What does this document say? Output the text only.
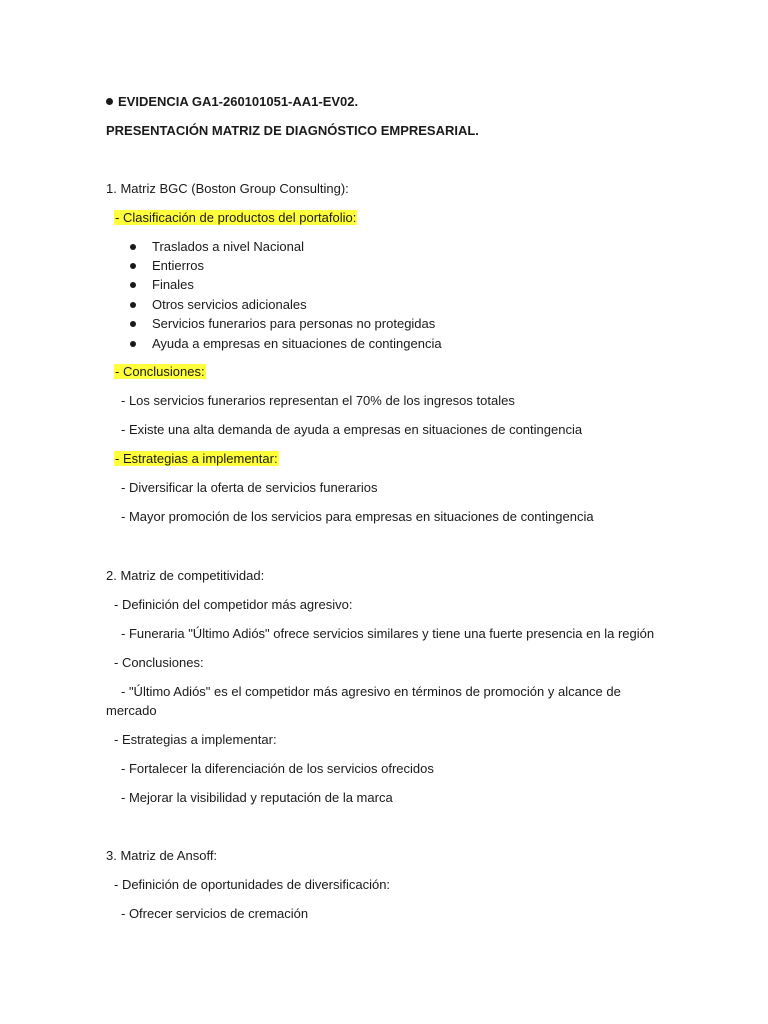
EVIDENCIA GA1-260101051-AA1-EV02.
PRESENTACIÓN MATRIZ DE DIAGNÓSTICO EMPRESARIAL.
1. Matriz BGC (Boston Group Consulting):
- Clasificación de productos del portafolio:
Traslados a nivel Nacional
Entierros
Finales
Otros servicios adicionales
Servicios funerarios para personas no protegidas
Ayuda a empresas en situaciones de contingencia
- Conclusiones:
- Los servicios funerarios representan el 70% de los ingresos totales
- Existe una alta demanda de ayuda a empresas en situaciones de contingencia
- Estrategias a implementar:
- Diversificar la oferta de servicios funerarios
- Mayor promoción de los servicios para empresas en situaciones de contingencia
2. Matriz de competitividad:
- Definición del competidor más agresivo:
- Funeraria "Último Adiós" ofrece servicios similares y tiene una fuerte presencia en la región
- Conclusiones:
- "Último Adiós" es el competidor más agresivo en términos de promoción y alcance de
mercado
- Estrategias a implementar:
- Fortalecer la diferenciación de los servicios ofrecidos
- Mejorar la visibilidad y reputación de la marca
3. Matriz de Ansoff:
- Definición de oportunidades de diversificación:
- Ofrecer servicios de cremación
